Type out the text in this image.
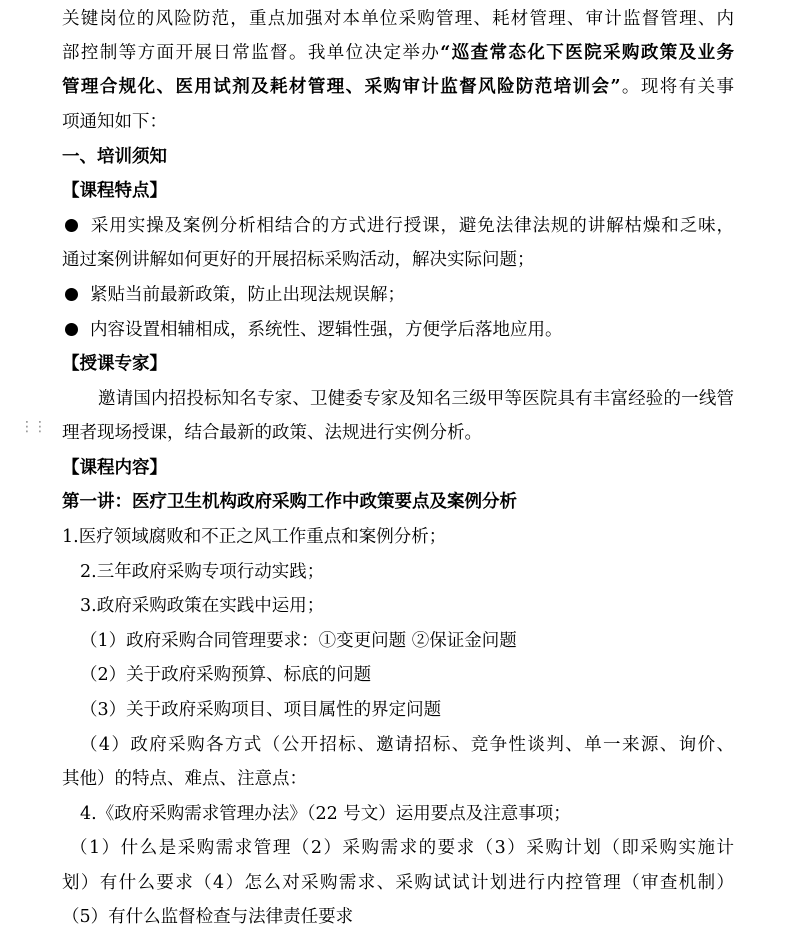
⋮⋮
关键岗位的风险防范，重点加强对本单位采购管理、耗材管理、审计监督管理、内
部控制等方面开展日常监督。我单位决定举办“巡查常态化下医院采购政策及业务
管理合规化、医用试剂及耗材管理、采购审计监督风险防范培训会”。现将有关事
项通知如下：
一、培训须知
【课程特点】
采用实操及案例分析相结合的方式进行授课，避免法律法规的讲解枯燥和乏味，
通过案例讲解如何更好的开展招标采购活动，解决实际问题；
紧贴当前最新政策，防止出现法规误解；
内容设置相辅相成，系统性、逻辑性强，方便学后落地应用。
【授课专家】
邀请国内招投标知名专家、卫健委专家及知名三级甲等医院具有丰富经验的一线管
理者现场授课，结合最新的政策、法规进行实例分析。
【课程内容】
第一讲：医疗卫生机构政府采购工作中政策要点及案例分析
1.医疗领域腐败和不正之风工作重点和案例分析；
2.三年政府采购专项行动实践；
3.政府采购政策在实践中运用；
（1）政府采购合同管理要求：①变更问题 ②保证金问题
（2）关于政府采购预算、标底的问题
（3）关于政府采购项目、项目属性的界定问题
（4）政府采购各方式（公开招标、邀请招标、竞争性谈判、单一来源、询价、
其他）的特点、难点、注意点：
4.《政府采购需求管理办法》（22 号文）运用要点及注意事项；
（1）什么是采购需求管理（2）采购需求的要求（3）采购计划（即采购实施计
划）有什么要求（4）怎么对采购需求、采购试试计划进行内控管理（审查机制）
（5）有什么监督检查与法律责任要求
